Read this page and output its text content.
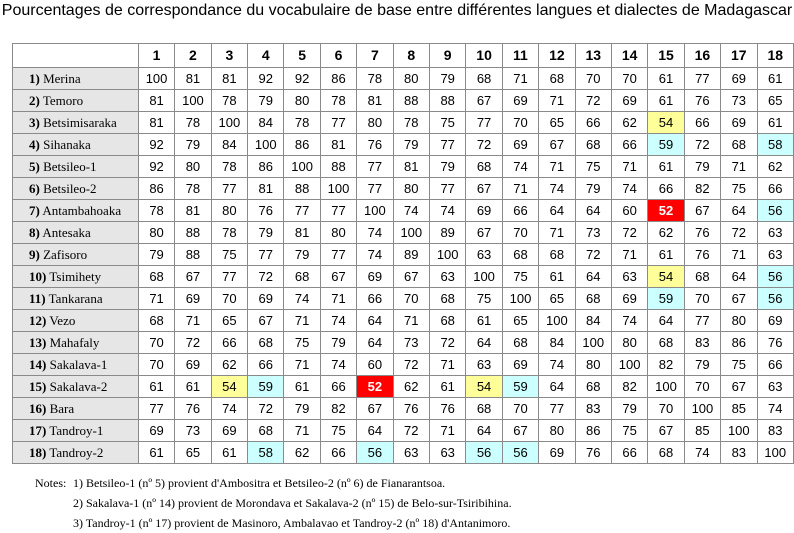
Pourcentages de correspondance du vocabulaire de base entre différentes langues et dialectes de Madagascar
	1	2	3	4	5	6	7	8	9	10	11	12	13	14	15	16	17	18
1) Merina	100	81	81	92	92	86	78	80	79	68	71	68	70	70	61	77	69	61
2) Temoro	81	100	78	79	80	78	81	88	88	67	69	71	72	69	61	76	73	65
3) Betsimisaraka	81	78	100	84	78	77	80	78	75	77	70	65	66	62	54	66	69	61
4) Sihanaka	92	79	84	100	86	81	76	79	77	72	69	67	68	66	59	72	68	58
5) Betsileo-1	92	80	78	86	100	88	77	81	79	68	74	71	75	71	61	79	71	62
6) Betsileo-2	86	78	77	81	88	100	77	80	77	67	71	74	79	74	66	82	75	66
7) Antambahoaka	78	81	80	76	77	77	100	74	74	69	66	64	64	60	52	67	64	56
8) Antesaka	80	88	78	79	81	80	74	100	89	67	70	71	73	72	62	76	72	63
9) Zafisoro	79	88	75	77	79	77	74	89	100	63	68	68	72	71	61	76	71	63
10) Tsimihety	68	67	77	72	68	67	69	67	63	100	75	61	64	63	54	68	64	56
11) Tankarana	71	69	70	69	74	71	66	70	68	75	100	65	68	69	59	70	67	56
12) Vezo	68	71	65	67	71	74	64	71	68	61	65	100	84	74	64	77	80	69
13) Mahafaly	70	72	66	68	75	79	64	73	72	64	68	84	100	80	68	83	86	76
14) Sakalava-1	70	69	62	66	71	74	60	72	71	63	69	74	80	100	82	79	75	66
15) Sakalava-2	61	61	54	59	61	66	52	62	61	54	59	64	68	82	100	70	67	63
16) Bara	77	76	74	72	79	82	67	76	76	68	70	77	83	79	70	100	85	74
17) Tandroy-1	69	73	69	68	71	75	64	72	71	64	67	80	86	75	67	85	100	83
18) Tandroy-2	61	65	61	58	62	66	56	63	63	56	56	69	76	66	68	74	83	100
Notes: 1) Betsileo-1 (nº 5) provient d'Ambositra et Betsileo-2 (nº 6) de Fianarantsoa.
2) Sakalava-1 (nº 14) provient de Morondava et Sakalava-2 (nº 15) de Belo-sur-Tsiribihina.
3) Tandroy-1 (nº 17) provient de Masinoro, Ambalavao et Tandroy-2 (nº 18) d'Antanimoro.
